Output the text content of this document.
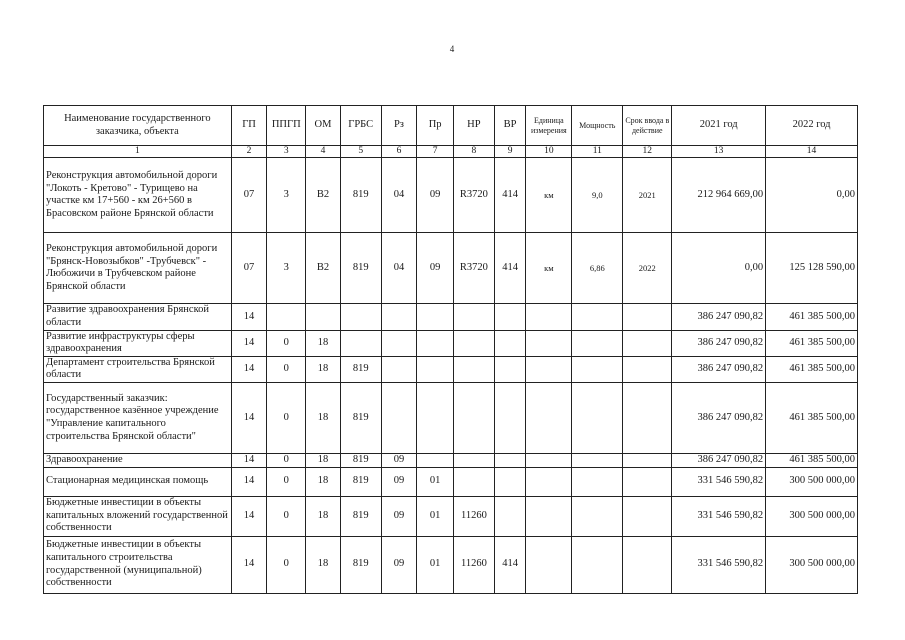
4
Наименование государственного заказчика, объекта	ГП	ППГП	ОМ	ГРБС	Рз	Пр	НР	ВР	Единица измерения	Мощность	Срок ввода в действие	2021 год	2022 год
1	2	3	4	5	6	7	8	9	10	11	12	13	14
Реконструкция автомобильной дороги "Локоть - Кретово" - Турищево на участке км 17+560 - км 26+560 в Брасовском районе Брянской области	07	3	В2	819	04	09	R3720	414	км	9,0	2021	212 964 669,00	0,00
Реконструкция автомобильной дороги "Брянск-Новозыбков" -Трубчевск" - Любожичи в Трубчевском районе Брянской области	07	3	В2	819	04	09	R3720	414	км	6,86	2022	0,00	125 128 590,00
Развитие здравоохранения Брянской области	14											386 247 090,82	461 385 500,00
Развитие инфраструктуры сферы здравоохранения	14	0	18									386 247 090,82	461 385 500,00
Департамент строительства Брянской области	14	0	18	819								386 247 090,82	461 385 500,00
Государственный заказчик: государственное казённое учреждение "Управление капитального строительства Брянской области"	14	0	18	819								386 247 090,82	461 385 500,00
Здравоохранение	14	0	18	819	09							386 247 090,82	461 385 500,00
Стационарная медицинская помощь	14	0	18	819	09	01						331 546 590,82	300 500 000,00
Бюджетные инвестиции в объекты капитальных вложений государственной собственности	14	0	18	819	09	01	11260					331 546 590,82	300 500 000,00
Бюджетные инвестиции в объекты капитального строительства государственной (муниципальной) собственности	14	0	18	819	09	01	11260	414				331 546 590,82	300 500 000,00
